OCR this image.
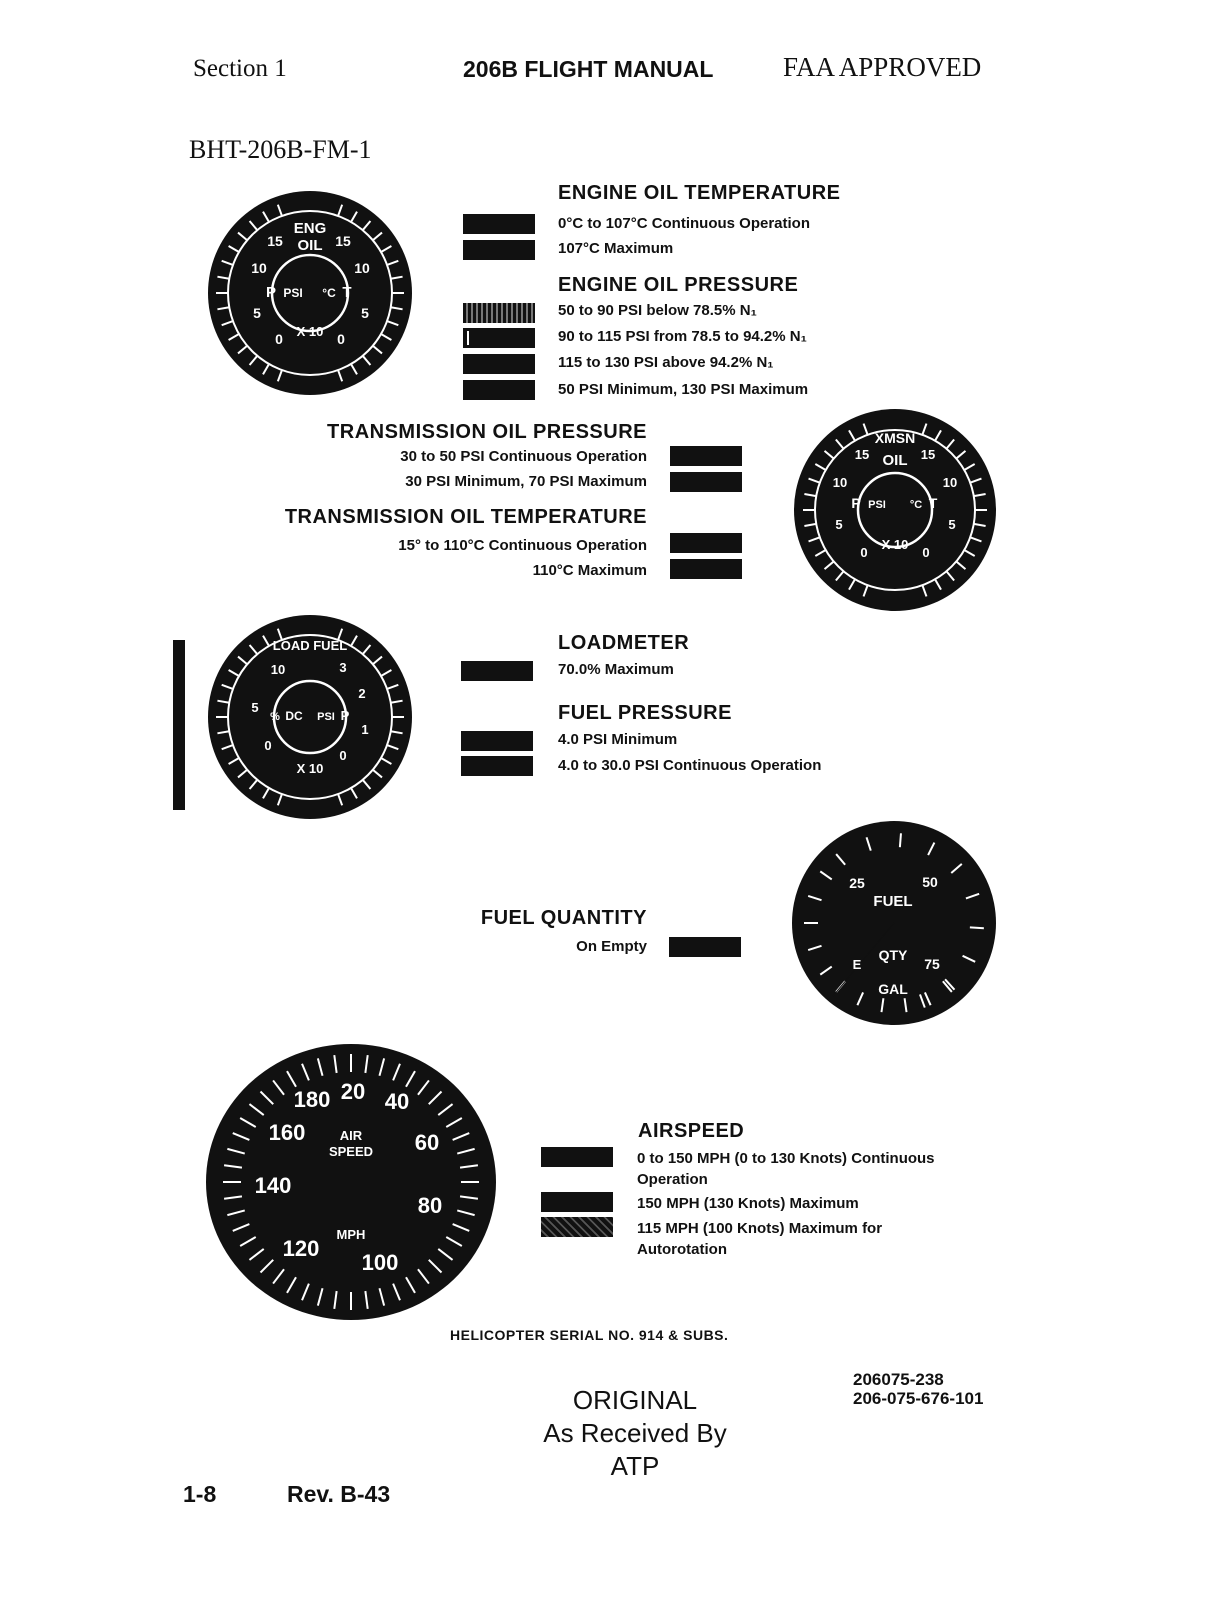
Section 1	206B FLIGHT MANUAL	FAA APPROVED
BHT-206B-FM-1
ENG
OIL
15	15
10	10
5	5
0	0
P PSI °C T
X 10
ENGINE OIL TEMPERATURE
0°C to 107°C Continuous Operation
107°C Maximum
ENGINE OIL PRESSURE
50 to 90 PSI below 78.5% N₁
90 to 115 PSI from 78.5 to 94.2% N₁
115 to 130 PSI above 94.2% N₁
50 PSI Minimum, 130 PSI Maximum
TRANSMISSION OIL PRESSURE
30 to 50 PSI Continuous Operation
30 PSI Minimum, 70 PSI Maximum
TRANSMISSION OIL TEMPERATURE
15° to 110°C Continuous Operation
110°C Maximum
XMSN
OIL
15	15
10	10
5	5
0	0
P PSI °C T
X 10
LOAD FUEL
10
5
0
3
2
1
0
% DC PSI P
X 10
LOADMETER
70.0% Maximum
FUEL PRESSURE
4.0 PSI Minimum
4.0 to 30.0 PSI Continuous Operation
FUEL QUANTITY
On Empty
25	50
FUEL
QTY
E	75
GAL
20 40
60
80
100
120
140
160
180
AIR
SPEED
MPH
AIRSPEED
0 to 150 MPH (0 to 130 Knots) Continuous
Operation
150 MPH (130 Knots) Maximum
115 MPH (100 Knots) Maximum for
Autorotation
HELICOPTER SERIAL NO. 914 & SUBS.
206075-238
206-075-676-101
ORIGINAL
As Received By
ATP
1-8	Rev. B-43
